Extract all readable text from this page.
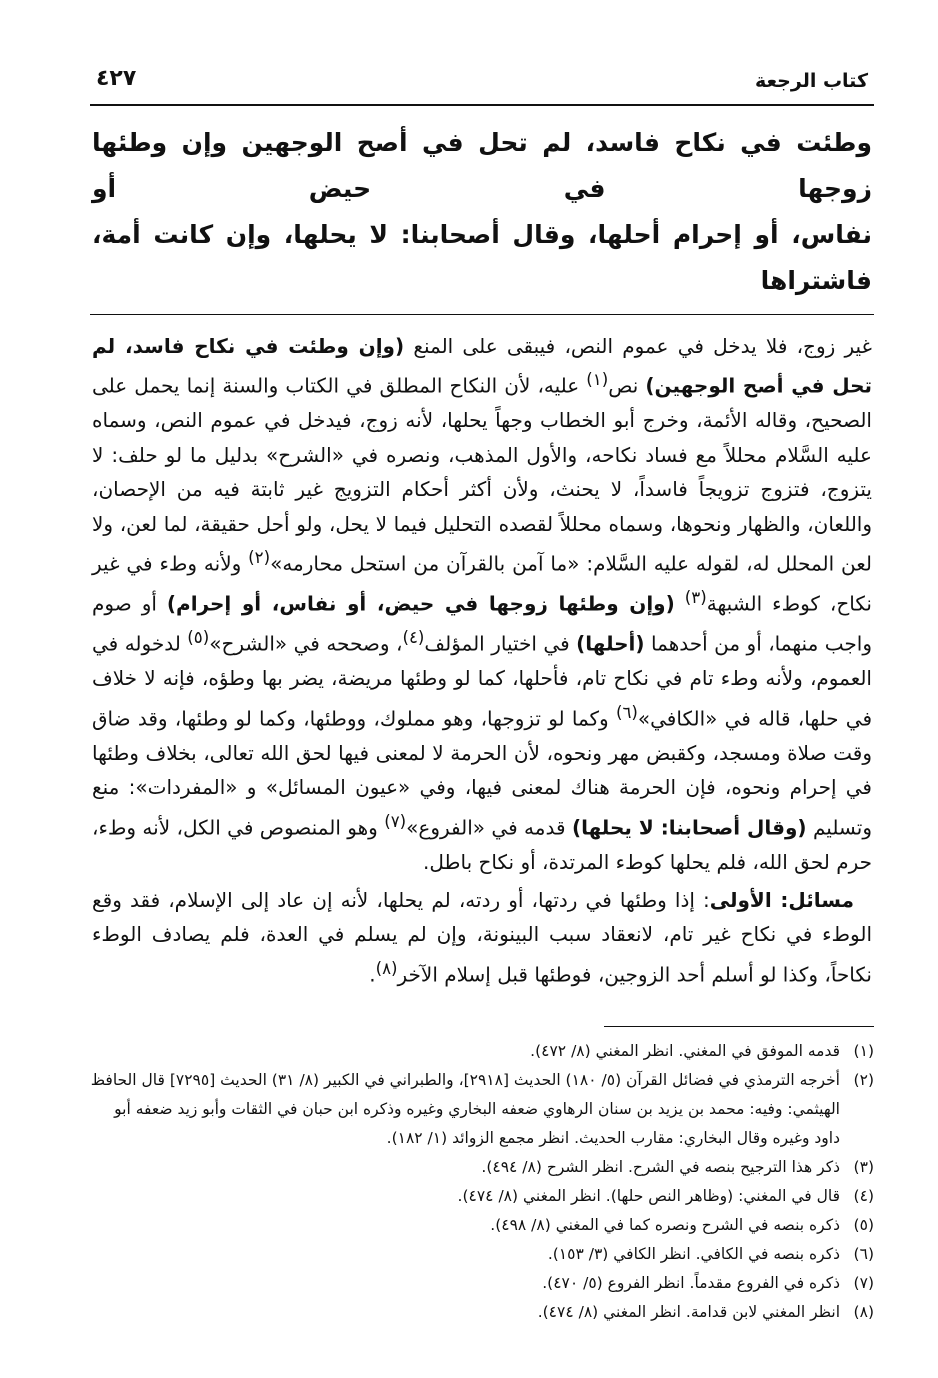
كتاب الرجعة
٤٢٧
وطئت في نكاح فاسد، لم تحل في أصح الوجهين وإن وطئها زوجها في حيض أو
نفاس، أو إحرام أحلها، وقال أصحابنا: لا يحلها، وإن كانت أمة، فاشتراها

غير زوج، فلا يدخل في عموم النص، فيبقى على المنع (وإن وطئت في نكاح فاسد، لم تحل في أصح الوجهين) نص$^{(١)}$ عليه، لأن النكاح المطلق في الكتاب والسنة إنما يحمل على الصحيح، وقاله الأئمة، وخرج أبو الخطاب وجهاً يحلها، لأنه زوج، فيدخل في عموم النص، وسماه عليه السَّلام محللاً مع فساد نكاحه، والأول المذهب، ونصره في «الشرح» بدليل ما لو حلف: لا يتزوج، فتزوج تزويجاً فاسداً، لا يحنث، ولأن أكثر أحكام التزويج غير ثابتة فيه من الإحصان، واللعان، والظهار ونحوها، وسماه محللاً لقصده التحليل فيما لا يحل، ولو أحل حقيقة، لما لعن، ولا لعن المحلل له، لقوله عليه السَّلام: «ما آمن بالقرآن من استحل محارمه»$^{(٢)}$ ولأنه وطء في غير نكاح، كوطء الشبهة$^{(٣)}$ (وإن وطئها زوجها في حيض، أو نفاس، أو إحرام) أو صوم واجب منهما، أو من أحدهما (أحلها) في اختيار المؤلف$^{(٤)}$، وصححه في «الشرح»$^{(٥)}$ لدخوله في العموم، ولأنه وطء تام في نكاح تام، فأحلها، كما لو وطئها مريضة، يضر بها وطؤه، فإنه لا خلاف في حلها، قاله في «الكافي»$^{(٦)}$ وكما لو تزوجها، وهو مملوك، ووطئها، وكما لو وطئها، وقد ضاق وقت صلاة ومسجد، وكقبض مهر ونحوه، لأن الحرمة لا لمعنى فيها لحق الله تعالى، بخلاف وطئها في إحرام ونحوه، فإن الحرمة هناك لمعنى فيها، وفي «عيون المسائل» و «المفردات»: منع وتسليم (وقال أصحابنا: لا يحلها) قدمه في «الفروع»$^{(٧)}$ وهو المنصوص في الكل، لأنه وطء، حرم لحق الله، فلم يحلها كوطء المرتدة، أو نكاح باطل.

مسائل: الأولى: إذا وطئها في ردتها، أو ردته، لم يحلها، لأنه إن عاد إلى الإسلام، فقد وقع الوطء في نكاح غير تام، لانعقاد سبب البينونة، وإن لم يسلم في العدة، فلم يصادف الوطء نكاحاً، وكذا لو أسلم أحد الزوجين، فوطئها قبل إسلام الآخر$^{(٨)}$.

(١)
قدمه الموفق في المغني. انظر المغني (٨/ ٤٧٢).
(٢)
أخرجه الترمذي في فضائل القرآن (٥/ ١٨٠) الحديث [٢٩١٨]، والطبراني في الكبير (٨/ ٣١) الحديث [٧٢٩٥] قال الحافظ الهيثمي: وفيه: محمد بن يزيد بن سنان الرهاوي ضعفه البخاري وغيره وذكره ابن حبان في الثقات وأبو زيد ضعفه أبو داود وغيره وقال البخاري: مقارب الحديث. انظر مجمع الزوائد (١/ ١٨٢).
(٣)
ذكر هذا الترجيح بنصه في الشرح. انظر الشرح (٨/ ٤٩٤).
(٤)
قال في المغني: (وظاهر النص حلها). انظر المغني (٨/ ٤٧٤).
(٥)
ذكره بنصه في الشرح ونصره كما في المغني (٨/ ٤٩٨).
(٦)
ذكره بنصه في الكافي. انظر الكافي (٣/ ١٥٣).
(٧)
ذكره في الفروع مقدماً. انظر الفروع (٥/ ٤٧٠).
(٨)
انظر المغني لابن قدامة. انظر المغني (٨/ ٤٧٤).
